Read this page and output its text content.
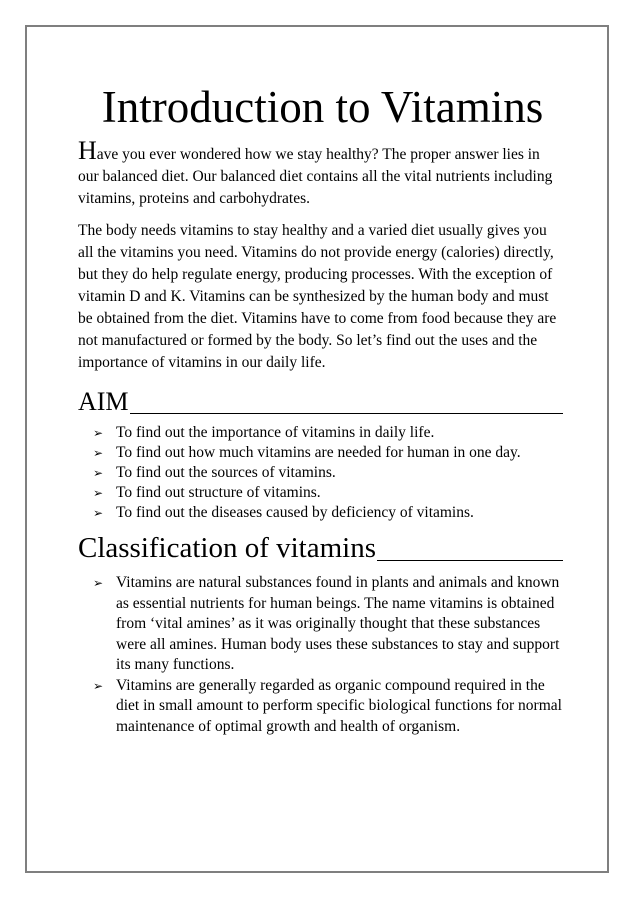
Introduction to Vitamins

Have you ever wondered how we stay healthy? The proper answer lies in our balanced diet. Our balanced diet contains all the vital nutrients including vitamins, proteins and carbohydrates.

The body needs vitamins to stay healthy and a varied diet usually gives you all the vitamins you need. Vitamins do not provide energy (calories) directly, but they do help regulate energy, producing processes. With the exception of vitamin D and K. Vitamins can be synthesized by the human body and must be obtained from the diet. Vitamins have to come from food because they are not manufactured or formed by the body. So let’s find out the uses and the importance of vitamins in our daily life.

AIM
➢ To find out the importance of vitamins in daily life.
➢ To find out how much vitamins are needed for human in one day.
➢ To find out the sources of vitamins.
➢ To find out structure of vitamins.
➢ To find out the diseases caused by deficiency of vitamins.
Classification of vitamins
➢ Vitamins are natural substances found in plants and animals and known as essential nutrients for human beings. The name vitamins is obtained from ‘vital amines’ as it was originally thought that these substances were all amines. Human body uses these substances to stay and support its many functions.
➢ Vitamins are generally regarded as organic compound required in the diet in small amount to perform specific biological functions for normal maintenance of optimal growth and health of organism.
